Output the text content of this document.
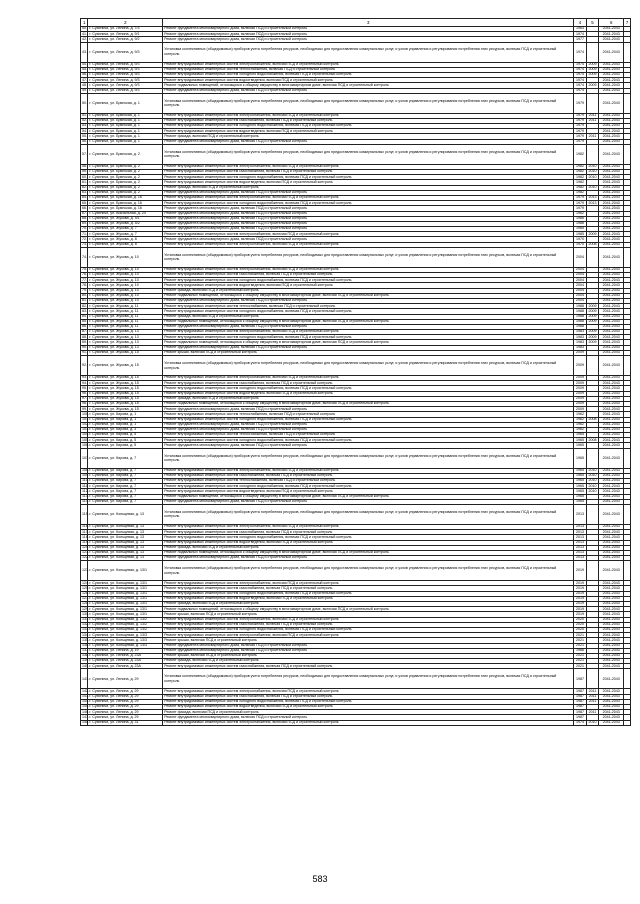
1	2	3	4	5	6	7
40.	г. Сухиничи, ул. Ленина, д. 7/3	Ремонт фундамента многоквартирного дома, включая ПСД и строительный контроль	1963		2041-2043	
41.	г. Сухиничи, ул. Ленина, д. 9/1	Ремонт фундамента многоквартирного дома, включая ПСД и строительный контроль	1974		2041-2043	
42.	г. Сухиничи, ул. Ленина, д. 9/2	Ремонт фундамента многоквартирного дома, включая ПСД и строительный контроль	1977		2041-2043	
43.	г. Сухиничи, ул. Ленина, д. 9/3	Установка коллективных (общедомовых) приборов учета потребления ресурсов, необходимых для предоставления коммунальных услуг, и узлов управления и регулирования потребления этих ресурсов, включая ПСД и строительный контроль	1974		2041-2043	
44.	г. Сухиничи, ул. Ленина, д. 9/3	Ремонт внутридомовых инженерных систем электроснабжения, включая ПСД и строительный контроль	1974	2009	2041-2043	
45.	г. Сухиничи, ул. Ленина, д. 9/3	Ремонт внутридомовых инженерных систем теплоснабжения, включая ПСД и строительный контроль	1974	2009	2041-2043	
46.	г. Сухиничи, ул. Ленина, д. 9/3	Ремонт внутридомовых инженерных систем холодного водоснабжения, включая ПСД и строительный контроль	1974	2009	2041-2043	
47.	г. Сухиничи, ул. Ленина, д. 9/3	Ремонт внутридомовых инженерных систем водоотведения, включая ПСД и строительный контроль	1974		2041-2043	
48.	г. Сухиничи, ул. Ленина, д. 9/3	Ремонт подвальных помещений, относящихся к общему имуществу в многоквартирном доме, включая ПСД и строительный контроль	1974	2009	2041-2043	
49.	г. Сухиничи, ул. Ленина, д. 9/3	Ремонт фундамента многоквартирного дома, включая ПСД и строительный контроль	1974		2041-2043	
50.	г. Сухиничи, ул. Брянская, д. 1	Установка коллективных (общедомовых) приборов учета потребления ресурсов, необходимых для предоставления коммунальных услуг, и узлов управления и регулирования потребления этих ресурсов, включая ПСД и строительный контроль	1979		2041-2043	
51.	г. Сухиничи, ул. Брянская, д. 1	Ремонт внутридомовых инженерных систем электроснабжения, включая ПСД и строительный контроль	1979	2011	2041-2043	
52.	г. Сухиничи, ул. Брянская, д. 1	Ремонт внутридомовых инженерных систем газоснабжения, включая ПСД и строительный контроль	1979	2011	2041-2043	
53.	г. Сухиничи, ул. Брянская, д. 1	Ремонт внутридомовых инженерных систем холодного водоснабжения, включая ПСД и строительный контроль	1979		2041-2043	
54.	г. Сухиничи, ул. Брянская, д. 1	Ремонт внутридомовых инженерных систем водоотведения, включая ПСД и строительный контроль	1979		2041-2043	
55.	г. Сухиничи, ул. Брянская, д. 1	Ремонт фасада, включая ПСД и строительный контроль	1979	2011	2041-2043	
56.	г. Сухиничи, ул. Брянская, д. 1	Ремонт фундамента многоквартирного дома, включая ПСД и строительный контроль	1979		2041-2043	
57.	г. Сухиничи, ул. Брянская, д. 2	Установка коллективных (общедомовых) приборов учета потребления ресурсов, необходимых для предоставления коммунальных услуг, и узлов управления и регулирования потребления этих ресурсов, включая ПСД и строительный контроль	1982		2041-2043	
58.	г. Сухиничи, ул. Брянская, д. 2	Ремонт внутридомовых инженерных систем электроснабжения, включая ПСД и строительный контроль	1982	2010	2041-2043	
59.	г. Сухиничи, ул. Брянская, д. 2	Ремонт внутридомовых инженерных систем газоснабжения, включая ПСД и строительный контроль	1982	2010	2041-2043	
60.	г. Сухиничи, ул. Брянская, д. 2	Ремонт внутридомовых инженерных систем холодного водоснабжения, включая ПСД и строительный контроль	1982	2010	2041-2043	
61.	г. Сухиничи, ул. Брянская, д. 2	Ремонт внутридомовых инженерных систем водоотведения, включая ПСД и строительный контроль	1982		2041-2043	
62.	г. Сухиничи, ул. Брянская, д. 2	Ремонт фасада, включая ПСД и строительный контроль	1982	2010	2041-2043	
63.	г. Сухиничи, ул. Брянская, д. 2	Ремонт фундамента многоквартирного дома, включая ПСД и строительный контроль	1982		2041-2043	
64.	г. Сухиничи, ул. Брянская, д. 16	Ремонт внутридомовых инженерных систем электроснабжения, включая ПСД и строительный контроль	1979	2013	2041-2043	
65.	г. Сухиничи, ул. Брянская, д. 16	Ремонт внутридомовых инженерных систем холодного водоснабжения, включая ПСД и строительный контроль	1979	2013	2041-2043	
66.	г. Сухиничи, ул. Брянская, д. 16	Ремонт фундамента многоквартирного дома, включая ПСД и строительный контроль	1979		2041-2043	
67.	г. Сухиничи, ул. Вокзальная, д. 24	Ремонт фундамента многоквартирного дома, включая ПСД и строительный контроль	1962		2041-2043	
68.	г. Сухиничи, ул. Жукова, д. 5/1	Ремонт фундамента многоквартирного дома, включая ПСД и строительный контроль	1986		2041-2043	
69.	г. Сухиничи, ул. Жукова, д. 5/2	Ремонт фундамента многоквартирного дома, включая ПСД и строительный контроль	1986		2041-2043	
70.	г. Сухиничи, ул. Жукова, д. 7	Ремонт фундамента многоквартирного дома, включая ПСД и строительный контроль	1985		2041-2043	
71.	г. Сухиничи, ул. Жукова, д. 7	Ремонт внутридомовых инженерных систем электроснабжения, включая ПСД и строительный контроль	1985	2009	2041-2043	
72.	г. Сухиничи, ул. Жукова, д. 8	Ремонт фундамента многоквартирного дома, включая ПСД и строительный контроль	1970		2041-2043	
73.	г. Сухиничи, ул. Жукова, д. 8	Ремонт внутридомовых инженерных систем электроснабжения, включая ПСД и строительный контроль	1970	2008	2041-2043	
74.	г. Сухиничи, ул. Жукова, д. 10	Установка коллективных (общедомовых) приборов учета потребления ресурсов, необходимых для предоставления коммунальных услуг, и узлов управления и регулирования потребления этих ресурсов, включая ПСД и строительный контроль	2004		2041-2043	
75.	г. Сухиничи, ул. Жукова, д. 10	Ремонт внутридомовых инженерных систем электроснабжения, включая ПСД и строительный контроль	2004		2041-2043	
76.	г. Сухиничи, ул. Жукова, д. 10	Ремонт внутридомовых инженерных систем газоснабжения, включая ПСД и строительный контроль	2004		2041-2043	
77.	г. Сухиничи, ул. Жукова, д. 10	Ремонт внутридомовых инженерных систем холодного водоснабжения, включая ПСД и строительный контроль	2004		2041-2043	
78.	г. Сухиничи, ул. Жукова, д. 10	Ремонт внутридомовых инженерных систем водоотведения, включая ПСД и строительный контроль	2004		2041-2043	
79.	г. Сухиничи, ул. Жукова, д. 10	Ремонт фасада, включая ПСД и строительный контроль	2004		2041-2043	
80.	г. Сухиничи, ул. Жукова, д. 10	Ремонт подвальных помещений, относящихся к общему имуществу в многоквартирном доме, включая ПСД и строительный контроль	2004		2041-2043	
81.	г. Сухиничи, ул. Жукова, д. 10	Ремонт фундамента многоквартирного дома, включая ПСД и строительный контроль	2004		2041-2043	
82.	г. Сухиничи, ул. Жукова, д. 11	Ремонт внутридомовых инженерных систем теплоснабжения, включая ПСД и строительный контроль	1988	2009	2041-2043	
83.	г. Сухиничи, ул. Жукова, д. 11	Ремонт внутридомовых инженерных систем холодного водоснабжения, включая ПСД и строительный контроль	1988	2009	2041-2043	
84.	г. Сухиничи, ул. Жукова, д. 11	Ремонт фасада, включая ПСД и строительный контроль	1988	2009	2041-2043	
85.	г. Сухиничи, ул. Жукова, д. 11	Ремонт подвальных помещений, относящихся к общему имуществу в многоквартирном доме, включая ПСД и строительный контроль	1988	2009	2041-2043	
86.	г. Сухиничи, ул. Жукова, д. 11	Ремонт фундамента многоквартирного дома, включая ПСД и строительный контроль	1988		2041-2043	
87.	г. Сухиничи, ул. Жукова, д. 13	Ремонт внутридомовых инженерных систем электроснабжения, включая ПСД и строительный контроль	1983	2009	2041-2043	
88.	г. Сухиничи, ул. Жукова, д. 13	Ремонт внутридомовых инженерных систем холодного водоснабжения, включая ПСД и строительный контроль	1983	2009	2041-2043	
89.	г. Сухиничи, ул. Жукова, д. 13	Ремонт подвальных помещений, относящихся к общему имуществу в многоквартирном доме, включая ПСД и строительный контроль	1983	2009	2041-2043	
90.	г. Сухиничи, ул. Жукова, д. 13	Ремонт фундамента многоквартирного дома, включая ПСД и строительный контроль	1983		2041-2043	
91.	г. Сухиничи, ул. Жукова, д. 15	Ремонт крыши, включая ПСД и строительный контроль	2009		2041-2043	
92.	г. Сухиничи, ул. Жукова, д. 15	Установка коллективных (общедомовых) приборов учета потребления ресурсов, необходимых для предоставления коммунальных услуг, и узлов управления и регулирования потребления этих ресурсов, включая ПСД и строительный контроль	2009		2041-2043	
93.	г. Сухиничи, ул. Жукова, д. 15	Ремонт внутридомовых инженерных систем электроснабжения, включая ПСД и строительный контроль	2009		2041-2043	
94.	г. Сухиничи, ул. Жукова, д. 15	Ремонт внутридомовых инженерных систем газоснабжения, включая ПСД и строительный контроль	2009		2041-2043	
95.	г. Сухиничи, ул. Жукова, д. 15	Ремонт внутридомовых инженерных систем холодного водоснабжения, включая ПСД и строительный контроль	2009		2041-2043	
96.	г. Сухиничи, ул. Жукова, д. 15	Ремонт внутридомовых инженерных систем водоотведения, включая ПСД и строительный контроль	2009		2041-2043	
97.	г. Сухиничи, ул. Жукова, д. 15	Ремонт фасада, включая ПСД и строительный контроль	2009		2041-2043	
98.	г. Сухиничи, ул. Жукова, д. 15	Ремонт подвальных помещений, относящихся к общему имуществу в многоквартирном доме, включая ПСД и строительный контроль	2009		2041-2043	
99.	г. Сухиничи, ул. Жукова, д. 15	Ремонт фундамента многоквартирного дома, включая ПСД и строительный контроль	2009		2041-2043	
100.	г. Сухиничи, ул. Кирова, д. 1	Ремонт внутридомовых инженерных систем теплоснабжения, включая ПСД и строительный контроль	1962		2041-2043	
101.	г. Сухиничи, ул. Кирова, д. 1	Ремонт внутридомовых инженерных систем холодного водоснабжения, включая ПСД и строительный контроль	1962	2008	2041-2043	
102.	г. Сухиничи, ул. Кирова, д. 1	Ремонт фундамента многоквартирного дома, включая ПСД и строительный контроль	1962		2041-2043	
103.	г. Сухиничи, ул. Кирова, д. 3	Ремонт фундамента многоквартирного дома, включая ПСД и строительный контроль	1962		2041-2043	
104.	г. Сухиничи, ул. Кирова, д. 5	Ремонт внутридомовых инженерных систем теплоснабжения, включая ПСД и строительный контроль	1965		2041-2043	
105.	г. Сухиничи, ул. Кирова, д. 5	Ремонт внутридомовых инженерных систем холодного водоснабжения, включая ПСД и строительный контроль	1965	2008	2041-2043	
106.	г. Сухиничи, ул. Кирова, д. 5	Ремонт фундамента многоквартирного дома, включая ПСД и строительный контроль	1965		2041-2043	
107.	г. Сухиничи, ул. Кирова, д. 7	Установка коллективных (общедомовых) приборов учета потребления ресурсов, необходимых для предоставления коммунальных услуг, и узлов управления и регулирования потребления этих ресурсов, включая ПСД и строительный контроль	1965		2041-2043	
108.	г. Сухиничи, ул. Кирова, д. 7	Ремонт внутридомовых инженерных систем электроснабжения, включая ПСД и строительный контроль	1965	2010	2041-2043	
109.	г. Сухиничи, ул. Кирова, д. 7	Ремонт внутридомовых инженерных систем газоснабжения, включая ПСД и строительный контроль	1965	2010	2041-2043	
110.	г. Сухиничи, ул. Кирова, д. 7	Ремонт внутридомовых инженерных систем теплоснабжения, включая ПСД и строительный контроль	1965	2010	2041-2043	
111.	г. Сухиничи, ул. Кирова, д. 7	Ремонт внутридомовых инженерных систем холодного водоснабжения, включая ПСД и строительный контроль	1965	2010	2041-2043	
112.	г. Сухиничи, ул. Кирова, д. 7	Ремонт внутридомовых инженерных систем водоотведения, включая ПСД и строительный контроль	1965	2010	2041-2043	
113.	г. Сухиничи, ул. Кирова, д. 7	Ремонт подвальных помещений, относящихся к общему имуществу в многоквартирном доме, включая ПСД и строительный контроль	1965		2041-2043	
114.	г. Сухиничи, ул. Кирова, д. 7	Ремонт фундамента многоквартирного дома, включая ПСД и строительный контроль	1965		2041-2043	
115.	г. Сухиничи, ул. Кольцевая, д. 13	Установка коллективных (общедомовых) приборов учета потребления ресурсов, необходимых для предоставления коммунальных услуг, и узлов управления и регулирования потребления этих ресурсов, включая ПСД и строительный контроль	2013		2041-2043	
116.	г. Сухиничи, ул. Кольцевая, д. 13	Ремонт внутридомовых инженерных систем электроснабжения, включая ПСД и строительный контроль	2013		2041-2043	
117.	г. Сухиничи, ул. Кольцевая, д. 13	Ремонт внутридомовых инженерных систем газоснабжения, включая ПСД и строительный контроль	2013		2041-2043	
118.	г. Сухиничи, ул. Кольцевая, д. 13	Ремонт внутридомовых инженерных систем холодного водоснабжения, включая ПСД и строительный контроль	2013		2041-2043	
119.	г. Сухиничи, ул. Кольцевая, д. 13	Ремонт внутридомовых инженерных систем водоотведения, включая ПСД и строительный контроль	2013		2041-2043	
120.	г. Сухиничи, ул. Кольцевая, д. 13	Ремонт фасада, включая ПСД и строительный контроль	2013		2041-2043	
121.	г. Сухиничи, ул. Кольцевая, д. 13	Ремонт подвальных помещений, относящихся к общему имуществу в многоквартирном доме, включая ПСД и строительный контроль	2013		2041-2043	
122.	г. Сухиничи, ул. Кольцевая, д. 13	Ремонт фундамента многоквартирного дома, включая ПСД и строительный контроль	2013		2041-2043	
123.	г. Сухиничи, ул. Кольцевая, д. 13/1	Установка коллективных (общедомовых) приборов учета потребления ресурсов, необходимых для предоставления коммунальных услуг, и узлов управления и регулирования потребления этих ресурсов, включая ПСД и строительный контроль	2019		2041-2043	
124.	г. Сухиничи, ул. Кольцевая, д. 13/1	Ремонт внутридомовых инженерных систем электроснабжения, включая ПСД и строительный контроль	2019		2041-2043	
125.	г. Сухиничи, ул. Кольцевая, д. 13/1	Ремонт внутридомовых инженерных систем газоснабжения, включая ПСД и строительный контроль	2019		2041-2043	
126.	г. Сухиничи, ул. Кольцевая, д. 13/1	Ремонт внутридомовых инженерных систем холодного водоснабжения, включая ПСД и строительный контроль	2019		2041-2043	
127.	г. Сухиничи, ул. Кольцевая, д. 13/1	Ремонт внутридомовых инженерных систем водоотведения, включая ПСД и строительный контроль	2019		2041-2043	
128.	г. Сухиничи, ул. Кольцевая, д. 13/1	Ремонт фасада, включая ПСД и строительный контроль	2019		2041-2043	
129.	г. Сухиничи, ул. Кольцевая, д. 13/1	Ремонт подвальных помещений, относящихся к общему имуществу в многоквартирном доме, включая ПСД и строительный контроль	2019		2041-2043	
130.	г. Сухиничи, ул. Кольцевая, д. 13/1	Ремонт крыши, включая ПСД и строительный контроль	2019		2041-2043	
131.	г. Сухиничи, ул. Кольцевая, д. 13/2	Ремонт внутридомовых инженерных систем электроснабжения, включая ПСД и строительный контроль	2020		2041-2043	
132.	г. Сухиничи, ул. Кольцевая, д. 13/2	Ремонт внутридомовых инженерных систем газоснабжения, включая ПСД и строительный контроль	2020		2041-2043	
133.	г. Сухиничи, ул. Кольцевая, д. 13/2	Ремонт внутридомовых инженерных систем холодного водоснабжения, включая ПСД и строительный контроль	2020		2041-2043	
134.	г. Сухиничи, ул. Кольцевая, д. 13/3	Ремонт внутридомовых инженерных систем электроснабжения, включая ПСД и строительный контроль	2021		2041-2043	
135.	г. Сухиничи, ул. Кольцевая, д. 13/3	Ремонт крыши, включая ПСД и строительный контроль	2021		2041-2043	
136.	г. Сухиничи, ул. Кольцевая, д. 13/3	Ремонт фундамента многоквартирного дома, включая ПСД и строительный контроль	2021		2041-2043	
137.	г. Сухиничи, ул. Ленина, д. 19	Ремонт фундамента многоквартирного дома, включая ПСД и строительный контроль	1986		2041-2043	
138.	г. Сухиничи, ул. Ленина, д. 23А	Ремонт крыши, включая ПСД и строительный контроль	2021		2041-2043	
139.	г. Сухиничи, ул. Ленина, д. 23А	Ремонт фасада, включая ПСД и строительный контроль	2021		2041-2043	
140.	г. Сухиничи, ул. Ленина, д. 23А	Ремонт внутридомовых инженерных систем газоснабжения, включая ПСД и строительный контроль	2021		2041-2043	
141.	г. Сухиничи, ул. Ленина, д. 29	Установка коллективных (общедомовых) приборов учета потребления ресурсов, необходимых для предоставления коммунальных услуг, и узлов управления и регулирования потребления этих ресурсов, включая ПСД и строительный контроль	1987		2041-2043	
142.	г. Сухиничи, ул. Ленина, д. 29	Ремонт внутридомовых инженерных систем электроснабжения, включая ПСД и строительный контроль	1987	2011	2041-2043	
143.	г. Сухиничи, ул. Ленина, д. 29	Ремонт внутридомовых инженерных систем газоснабжения, включая ПСД и строительный контроль	1987	2011	2041-2043	
144.	г. Сухиничи, ул. Ленина, д. 29	Ремонт внутридомовых инженерных систем холодного водоснабжения, включая ПСД и строительный контроль	1987	2011	2041-2043	
145.	г. Сухиничи, ул. Ленина, д. 29	Ремонт внутридомовых инженерных систем водоотведения, включая ПСД и строительный контроль	1987		2041-2043	
146.	г. Сухиничи, ул. Ленина, д. 29	Ремонт фасада, включая ПСД и строительный контроль	1987	2011	2041-2043	
147.	г. Сухиничи, ул. Ленина, д. 29	Ремонт фундамента многоквартирного дома, включая ПСД и строительный контроль	1987		2041-2043	
148.	г. Сухиничи, ул. Ленина, д. 31	Ремонт внутридомовых инженерных систем электроснабжения, включая ПСД и строительный контроль	1974	2010	2041-2043	
583
